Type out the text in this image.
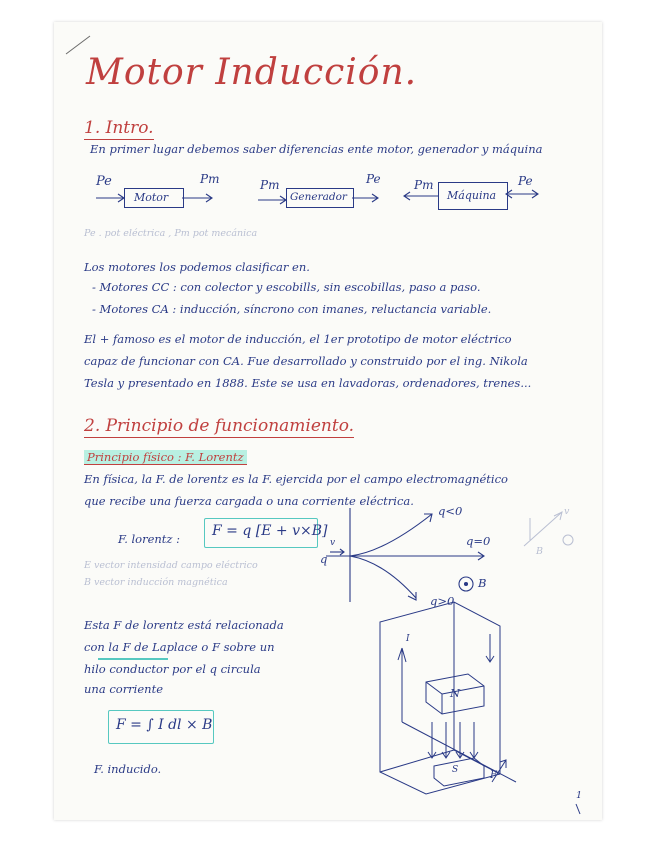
Motor Inducción.
1. Intro.
En primer lugar debemos saber diferencias ente motor, generador y máquina
Pe
Motor
Pm	Pm
Generador
Pe	Pm
Máquina
Pe
Pe . pot eléctrica , Pm pot mecánica
Los motores los podemos clasificar en.
- Motores CC : con colector y escobills, sin escobillas, paso a paso.
- Motores CA : inducción, síncrono con imanes, reluctancia variable.
El + famoso es el motor de inducción, el 1er prototipo de motor eléctrico
capaz de funcionar con CA. Fue desarrollado y construido por el ing. Nikola
Tesla y presentado en 1888. Este se usa en lavadoras, ordenadores, trenes...
2. Principio de funcionamiento.
Principio físico : F. Lorentz
En física, la F. de lorentz es la F. ejercida por el campo electromagnético
que recibe una fuerza cargada o una corriente eléctrica.
F. lorentz : F = q [E + v×B]
E vector intensidad campo eléctrico
B vector inducción magnética
v
q
q<0
q=0
q>0
B
v
B
Esta F de lorentz está relacionada
con la F de Laplace o F sobre un
hilo conductor por el q circula
una corriente
F = ∫ I dl × B
F. inducido.
N
S	F
I
1
